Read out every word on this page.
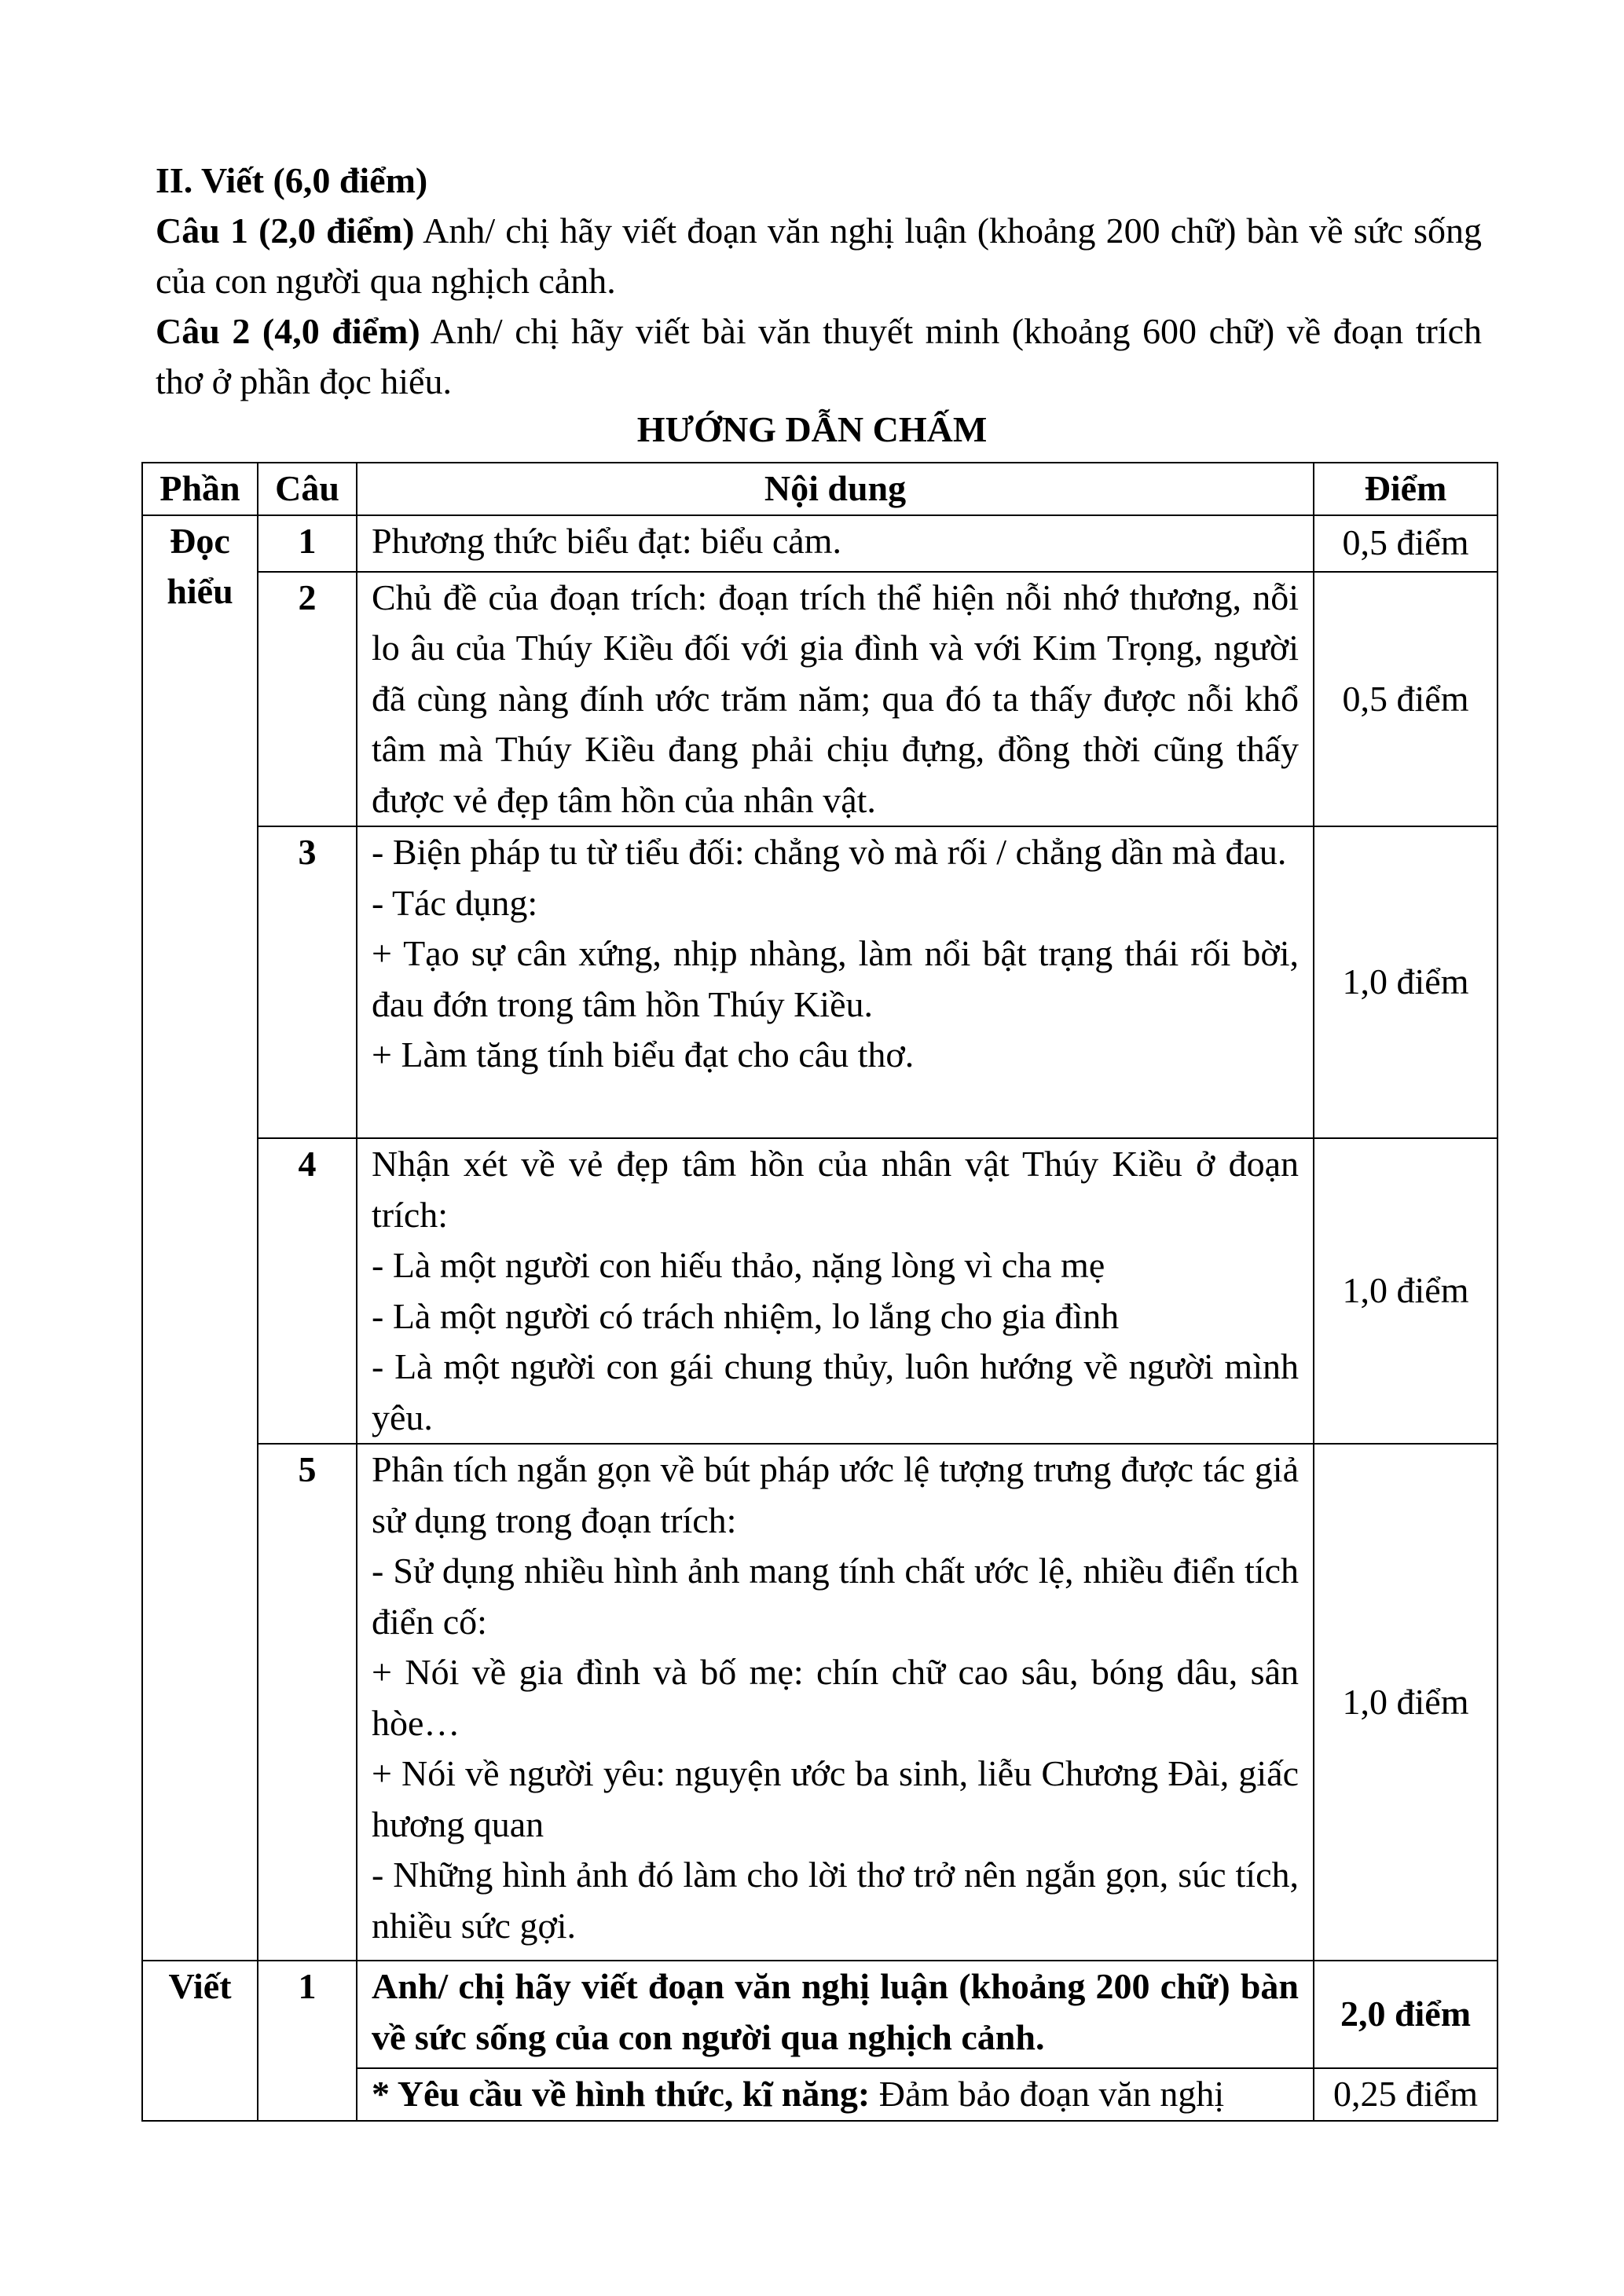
II. Viết (6,0 điểm)

Câu 1 (2,0 điểm) Anh/ chị hãy viết đoạn văn nghị luận (khoảng 200 chữ) bàn về sức sống của con người qua nghịch cảnh.

Câu 2 (4,0 điểm) Anh/ chị hãy viết bài văn thuyết minh (khoảng 600 chữ) về đoạn trích thơ ở phần đọc hiểu.

HƯỚNG DẪN CHẤM
Phần	Câu	Nội dung	Điểm
Đọc hiểu	1	Phương thức biểu đạt: biểu cảm.	0,5 điểm
	2	Chủ đề của đoạn trích: đoạn trích thể hiện nỗi nhớ thương, nỗi lo âu của Thúy Kiều đối với gia đình và với Kim Trọng, người đã cùng nàng đính ước trăm năm; qua đó ta thấy được nỗi khổ tâm mà Thúy Kiều đang phải chịu đựng, đồng thời cũng thấy được vẻ đẹp tâm hồn của nhân vật.	0,5 điểm
	3	- Biện pháp tu từ tiểu đối: chẳng vò mà rối / chẳng dần mà đau.
- Tác dụng:
+ Tạo sự cân xứng, nhịp nhàng, làm nổi bật trạng thái rối bời, đau đớn trong tâm hồn Thúy Kiều.
+ Làm tăng tính biểu đạt cho câu thơ.	1,0 điểm
	4	Nhận xét về vẻ đẹp tâm hồn của nhân vật Thúy Kiều ở đoạn trích:
- Là một người con hiếu thảo, nặng lòng vì cha mẹ
- Là một người có trách nhiệm, lo lắng cho gia đình
- Là một người con gái chung thủy, luôn hướng về người mình yêu.	1,0 điểm
	5	Phân tích ngắn gọn về bút pháp ước lệ tượng trưng được tác giả sử dụng trong đoạn trích:
- Sử dụng nhiều hình ảnh mang tính chất ước lệ, nhiều điển tích điển cố:
+ Nói về gia đình và bố mẹ: chín chữ cao sâu, bóng dâu, sân hòe…
+ Nói về người yêu: nguyện ước ba sinh, liễu Chương Đài, giấc hương quan
- Những hình ảnh đó làm cho lời thơ trở nên ngắn gọn, súc tích, nhiều sức gợi.	1,0 điểm
Viết	1	Anh/ chị hãy viết đoạn văn nghị luận (khoảng 200 chữ) bàn về sức sống của con người qua nghịch cảnh.	2,0 điểm
		* Yêu cầu về hình thức, kĩ năng: Đảm bảo đoạn văn nghị	0,25 điểm
